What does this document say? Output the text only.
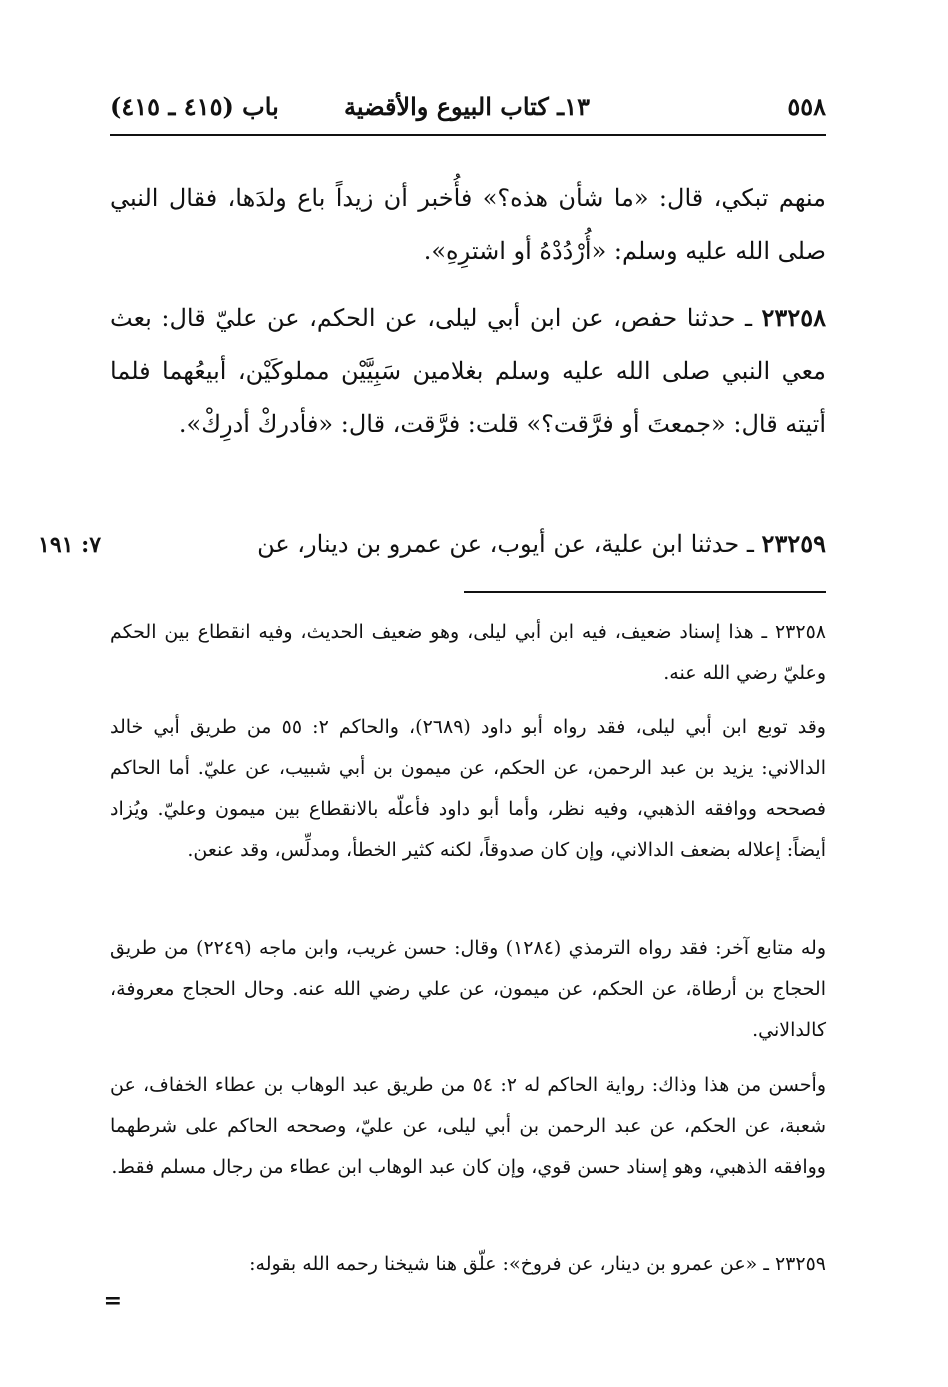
٥٥٨
١٣ـ كتاب البيوع والأقضية
باب (٤١٥ ـ ٤١٥)

منهم تبكي، قال: «ما شأن هذه؟» فأُخبر أن زيداً باع ولدَها، فقال النبي صلى الله عليه وسلم: «أُرْدُدْهُ أو اشترِهِ».

٢٣٢٥٨ ـ حدثنا حفص، عن ابن أبي ليلى، عن الحكم، عن عليّ قال: بعث معي النبي صلى الله عليه وسلم بغلامين سَبِيَّيْن مملوكَيْن، أبيعُهما فلما أتيته قال: «جمعتَ أو فرَّقت؟» قلت: فرَّقت، قال: «فأدركْ أدرِكْ».

٢٣٢٥٩ ـ حدثنا ابن علية، عن أيوب، عن عمرو بن دينار، عن

٧: ١٩١

٢٣٢٥٨ ـ هذا إسناد ضعيف، فيه ابن أبي ليلى، وهو ضعيف الحديث، وفيه انقطاع بين الحكم وعليّ رضي الله عنه.

وقد توبع ابن أبي ليلى، فقد رواه أبو داود (٢٦٨٩)، والحاكم ٢: ٥٥ من طريق أبي خالد الدالاني: يزيد بن عبد الرحمن، عن الحكم، عن ميمون بن أبي شبيب، عن عليّ. أما الحاكم فصححه ووافقه الذهبي، وفيه نظر، وأما أبو داود فأعلّه بالانقطاع بين ميمون وعليّ. ويُزاد أيضاً: إعلاله بضعف الدالاني، وإن كان صدوقاً، لكنه كثير الخطأ، ومدلِّس، وقد عنعن.

وله متابع آخر: فقد رواه الترمذي (١٢٨٤) وقال: حسن غريب، وابن ماجه (٢٢٤٩) من طريق الحجاج بن أرطاة، عن الحكم، عن ميمون، عن علي رضي الله عنه. وحال الحجاج معروفة، كالدالاني.

وأحسن من هذا وذاك: رواية الحاكم له ٢: ٥٤ من طريق عبد الوهاب بن عطاء الخفاف، عن شعبة، عن الحكم، عن عبد الرحمن بن أبي ليلى، عن عليّ، وصححه الحاكم على شرطهما ووافقه الذهبي، وهو إسناد حسن قوي، وإن كان عبد الوهاب ابن عطاء من رجال مسلم فقط.

٢٣٢٥٩ ـ «عن عمرو بن دينار، عن فروخ»: علّق هنا شيخنا رحمه الله بقوله:

=
